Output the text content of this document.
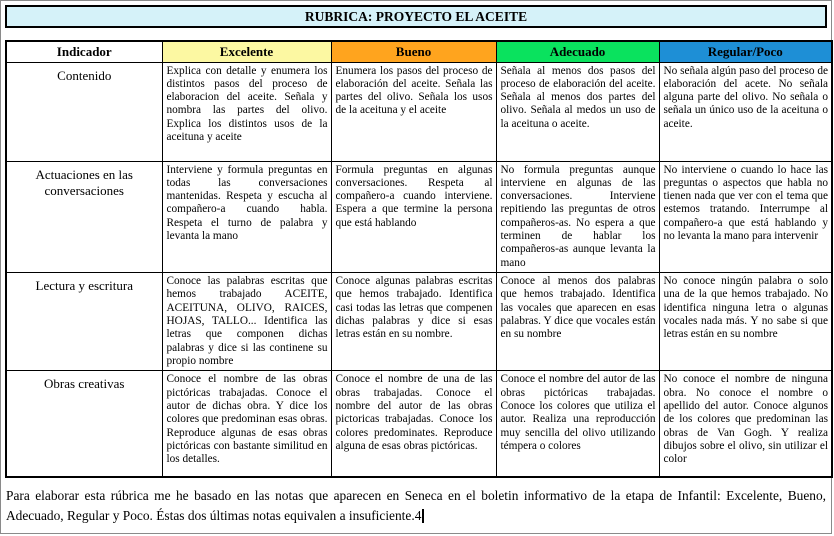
RUBRICA: PROYECTO EL ACEITE
Indicador	Excelente	Bueno	Adecuado	Regular/Poco
Contenido	Explica con detalle y enumera los distintos pasos del proceso de elaboracion del aceite. Señala y nombra las partes del olivo. Explica los distintos usos de la aceituna y aceite	Enumera los pasos del proceso de elaboración del aceite. Señala las partes del olivo. Señala los usos de la aceituna y el aceite	Señala al menos dos pasos del proceso de elaboración del aceite. Señala al menos dos partes del olivo. Señala al medos un uso de la aceituna o aceite.	No señala algún paso del proceso de elaboración del acete. No señala alguna parte del olivo. No señala o señala un único uso de la aceituna o aceite.
Actuaciones en las conversaciones	Interviene y formula preguntas en todas las conversaciones mantenidas. Respeta y escucha al compañero-a cuando habla. Respeta el turno de palabra y levanta la mano	Formula preguntas en algunas conversaciones. Respeta al compañero-a cuando interviene. Espera a que termine la persona que está hablando	No formula preguntas aunque interviene en algunas de las conversaciones. Interviene repitiendo las preguntas de otros compañeros-as. No espera a que terminen de hablar los compañeros-as aunque levanta la mano	No interviene o cuando lo hace las preguntas o aspectos que habla no tienen nada que ver con el tema que estemos tratando. Interrumpe al compañero-a que está hablando y no levanta la mano para intervenir
Lectura y escritura	Conoce las palabras escritas que hemos trabajado ACEITE, ACEITUNA, OLIVO, RAICES, HOJAS, TALLO... Identifica las letras que componen dichas palabras y dice si las continene su propio nombre	Conoce algunas palabras escritas que hemos trabajado. Identifica casi todas las letras que compenen dichas palabras y dice si esas letras están en su nombre.	Conoce al menos dos palabras que hemos trabajado. Identifica las vocales que aparecen en esas palabras. Y dice que vocales están en su nombre	No conoce ningún palabra o solo una de la que hemos trabajado. No identifica ninguna letra o algunas vocales nada más. Y no sabe si que letras están en su nombre
Obras creativas	Conoce el nombre de las obras pictóricas trabajadas. Conoce el autor de dichas obra. Y dice los colores que predominan esas obras. Reproduce algunas de esas obras pictóricas con bastante similitud en los detalles.	Conoce el nombre de una de las obras trabajadas. Conoce el nombre del autor de las obras pictoricas trabajadas. Conoce los colores predominates. Reproduce alguna de esas obras pictóricas.	Conoce el nombre del autor de las obras pictóricas trabajadas. Conoce los colores que utiliza el autor. Realiza una reproducción muy sencilla del olivo utilizando témpera o colores	No conoce el nombre de ninguna obra. No conoce el nombre o apellido del autor. Conoce algunos de los colores que predominan las obras de Van Gogh. Y realiza dibujos sobre el olivo, sin utilizar el color

Para elaborar esta rúbrica me he basado en las notas que aparecen en Seneca en el boletin informativo de la etapa de Infantil: Excelente, Bueno, Adecuado, Regular y Poco. Éstas dos últimas notas equivalen a insuficiente.4
